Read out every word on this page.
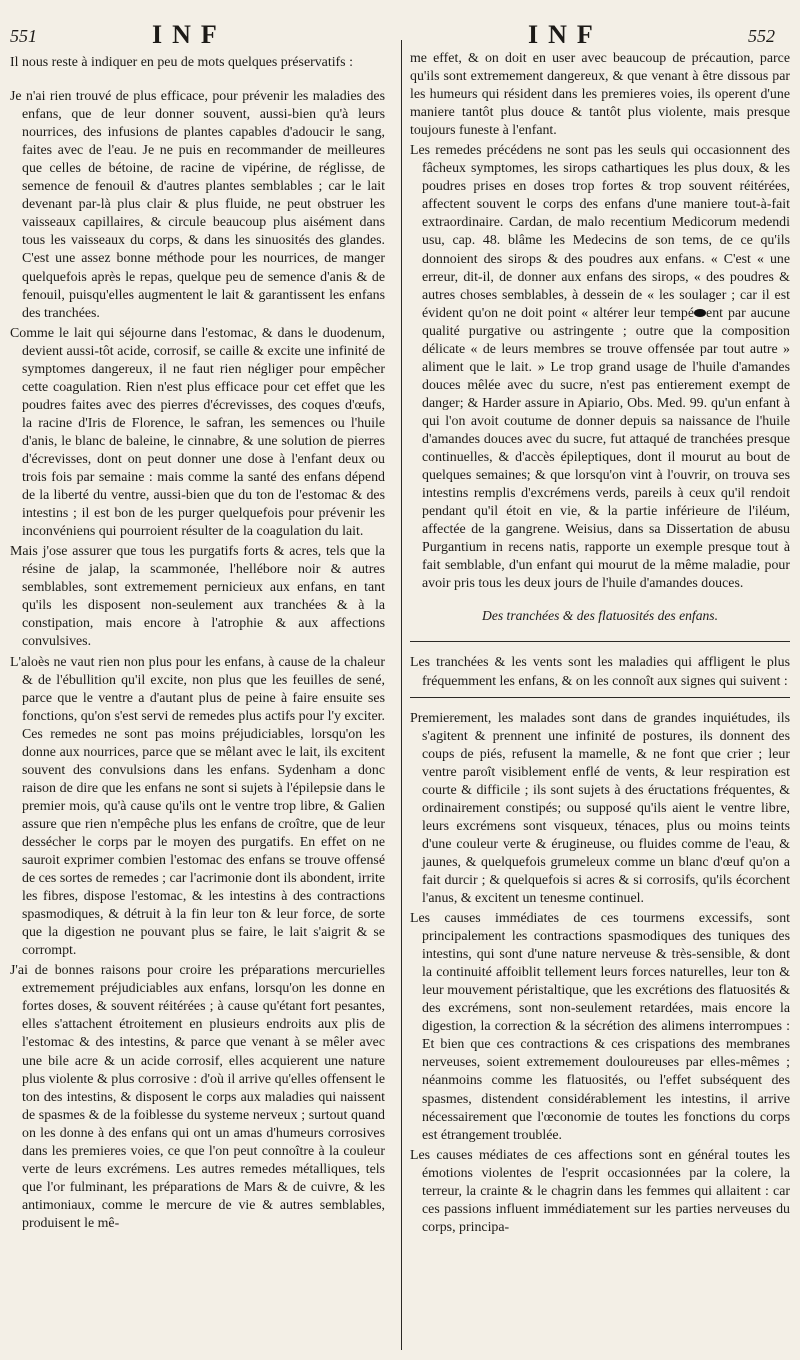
551	INF	INF	552

Il nous reste à indiquer en peu de mots quelques préservatifs :

Je n'ai rien trouvé de plus efficace, pour prévenir les maladies des enfans, que de leur donner souvent, aussi-bien qu'à leurs nourrices, des infusions de plantes capables d'adoucir le sang, faites avec de l'eau. Je ne puis en recommander de meilleures que celles de bétoine, de racine de vipérine, de réglisse, de semence de fenouil & d'autres plantes semblables ; car le lait devenant par-là plus clair & plus fluide, ne peut obstruer les vaisseaux capillaires, & circule beaucoup plus aisément dans tous les vaisseaux du corps, & dans les sinuosités des glandes. C'est une assez bonne méthode pour les nourrices, de manger quelquefois après le repas, quelque peu de semence d'anis & de fenouil, puisqu'elles augmentent le lait & garantissent les enfans des tranchées.

Comme le lait qui séjourne dans l'estomac, & dans le duodenum, devient aussi-tôt acide, corrosif, se caille & excite une infinité de symptomes dangereux, il ne faut rien négliger pour empêcher cette coagulation. Rien n'est plus efficace pour cet effet que les poudres faites avec des pierres d'écrevisses, des coques d'œufs, la racine d'Iris de Florence, le safran, les semences ou l'huile d'anis, le blanc de baleine, le cinnabre, & une solution de pierres d'écrevisses, dont on peut donner une dose à l'enfant deux ou trois fois par semaine : mais comme la santé des enfans dépend de la liberté du ventre, aussi-bien que du ton de l'estomac & des intestins ; il est bon de les purger quelquefois pour prévenir les inconvéniens qui pourroient résulter de la coagulation du lait.

Mais j'ose assurer que tous les purgatifs forts & acres, tels que la résine de jalap, la scammonée, l'hellébore noir & autres semblables, sont extremement pernicieux aux enfans, en tant qu'ils les disposent non-seulement aux tranchées & à la constipation, mais encore à l'atrophie & aux affections convulsives.

L'aloès ne vaut rien non plus pour les enfans, à cause de la chaleur & de l'ébullition qu'il excite, non plus que les feuilles de sené, parce que le ventre a d'autant plus de peine à faire ensuite ses fonctions, qu'on s'est servi de remedes plus actifs pour l'y exciter. Ces remedes ne sont pas moins préjudiciables, lorsqu'on les donne aux nourrices, parce que se mêlant avec le lait, ils excitent souvent des convulsions dans les enfans. Sydenham a donc raison de dire que les enfans ne sont si sujets à l'épilepsie dans le premier mois, qu'à cause qu'ils ont le ventre trop libre, & Galien assure que rien n'empêche plus les enfans de croître, que de leur dessécher le corps par le moyen des purgatifs. En effet on ne sauroit exprimer combien l'estomac des enfans se trouve offensé de ces sortes de remedes ; car l'acrimonie dont ils abondent, irrite les fibres, dispose l'estomac, & les intestins à des contractions spasmodiques, & détruit à la fin leur ton & leur force, de sorte que la digestion ne pouvant plus se faire, le lait s'aigrit & se corrompt.

J'ai de bonnes raisons pour croire les préparations mercurielles extremement préjudiciables aux enfans, lorsqu'on les donne en fortes doses, & souvent réitérées ; à cause qu'étant fort pesantes, elles s'attachent étroitement en plusieurs endroits aux plis de l'estomac & des intestins, & parce que venant à se mêler avec une bile acre & un acide corrosif, elles acquierent une nature plus violente & plus corrosive : d'où il arrive qu'elles offensent le ton des intestins, & disposent le corps aux maladies qui naissent de spasmes & de la foiblesse du systeme nerveux ; surtout quand on les donne à des enfans qui ont un amas d'humeurs corrosives dans les premieres voies, ce que l'on peut connoître à la couleur verte de leurs excrémens. Les autres remedes métalliques, tels que l'or fulminant, les préparations de Mars & de cuivre, & les antimoniaux, comme le mercure de vie & autres semblables, produisent le mê-

me effet, & on doit en user avec beaucoup de précaution, parce qu'ils sont extremement dangereux, & que venant à être dissous par les humeurs qui résident dans les premieres voies, ils operent d'une maniere tantôt plus douce & tantôt plus violente, mais presque toujours funeste à l'enfant.

Les remedes précédens ne sont pas les seuls qui occasionnent des fâcheux symptomes, les sirops cathartiques les plus doux, & les poudres prises en doses trop fortes & trop souvent réitérées, affectent souvent le corps des enfans d'une maniere tout-à-fait extraordinaire. Cardan, de malo recentium Medicorum medendi usu, cap. 48. blâme les Medecins de son tems, de ce qu'ils donnoient des sirops & des poudres aux enfans. « C'est « une erreur, dit-il, de donner aux enfans des sirops, « des poudres & autres choses semblables, à dessein de « les soulager ; car il est évident qu'on ne doit point « altérer leur tempé ent par aucune qualité purgative ou astringente ; outre que la composition délicate « de leurs membres se trouve offensée par tout autre » aliment que le lait. » Le trop grand usage de l'huile d'amandes douces mêlée avec du sucre, n'est pas entierement exempt de danger; & Harder assure in Apiario, Obs. Med. 99. qu'un enfant à qui l'on avoit coutume de donner depuis sa naissance de l'huile d'amandes douces avec du sucre, fut attaqué de tranchées presque continuelles, & d'accès épileptiques, dont il mourut au bout de quelques semaines; & que lorsqu'on vint à l'ouvrir, on trouva ses intestins remplis d'excrémens verds, pareils à ceux qu'il rendoit pendant qu'il étoit en vie, & la partie inférieure de l'iléum, affectée de la gangrene. Weisius, dans sa Dissertation de abusu Purgantium in recens natis, rapporte un exemple presque tout à fait semblable, d'un enfant qui mourut de la même maladie, pour avoir pris tous les deux jours de l'huile d'amandes douces.

Des tranchées & des flatuosités des enfans.

Les tranchées & les vents sont les maladies qui affligent le plus fréquemment les enfans, & on les connoît aux signes qui suivent :

Premierement, les malades sont dans de grandes inquiétudes, ils s'agitent & prennent une infinité de postures, ils donnent des coups de piés, refusent la mamelle, & ne font que crier ; leur ventre paroît visiblement enflé de vents, & leur respiration est courte & difficile ; ils sont sujets à des éructations fréquentes, & ordinairement constipés; ou supposé qu'ils aient le ventre libre, leurs excrémens sont visqueux, ténaces, plus ou moins teints d'une couleur verte & érugineuse, ou fluides comme de l'eau, & jaunes, & quelquefois grumeleux comme un blanc d'œuf qu'on a fait durcir ; & quelquefois si acres & si corrosifs, qu'ils écorchent l'anus, & excitent un tenesme continuel.

Les causes immédiates de ces tourmens excessifs, sont principalement les contractions spasmodiques des tuniques des intestins, qui sont d'une nature nerveuse & très-sensible, & dont la continuité affoiblit tellement leurs forces naturelles, leur ton & leur mouvement péristaltique, que les excrétions des flatuosités & des excrémens, sont non-seulement retardées, mais encore la digestion, la correction & la sécrétion des alimens interrompues : Et bien que ces contractions & ces crispations des membranes nerveuses, soient extremement douloureuses par elles-mêmes ; néanmoins comme les flatuosités, ou l'effet subséquent des spasmes, distendent considérablement les intestins, il arrive nécessairement que l'œconomie de toutes les fonctions du corps est étrangement troublée.

Les causes médiates de ces affections sont en général toutes les émotions violentes de l'esprit occasionnées par la colere, la terreur, la crainte & le chagrin dans les femmes qui allaitent : car ces passions influent immédiatement sur les parties nerveuses du corps, principa-
